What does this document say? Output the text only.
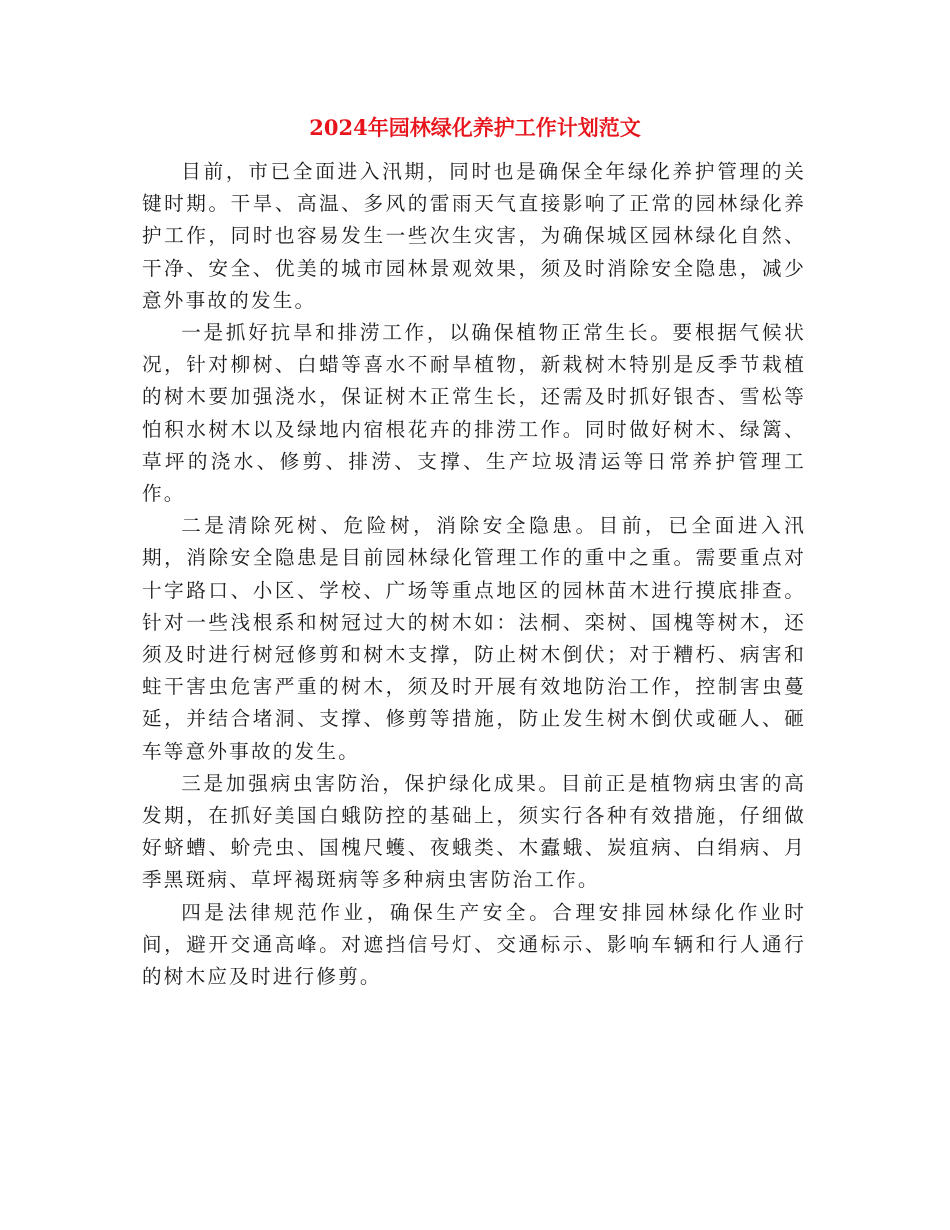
2024年园林绿化养护工作计划范文

目前，市已全面进入汛期，同时也是确保全年绿化养护管理的关键时期。干旱、高温、多风的雷雨天气直接影响了正常的园林绿化养护工作，同时也容易发生一些次生灾害，为确保城区园林绿化自然、干净、安全、优美的城市园林景观效果，须及时消除安全隐患，减少意外事故的发生。

一是抓好抗旱和排涝工作，以确保植物正常生长。要根据气候状况，针对柳树、白蜡等喜水不耐旱植物，新栽树木特别是反季节栽植的树木要加强浇水，保证树木正常生长，还需及时抓好银杏、雪松等怕积水树木以及绿地内宿根花卉的排涝工作。同时做好树木、绿篱、草坪的浇水、修剪、排涝、支撑、生产垃圾清运等日常养护管理工作。

二是清除死树、危险树，消除安全隐患。目前，已全面进入汛期，消除安全隐患是目前园林绿化管理工作的重中之重。需要重点对十字路口、小区、学校、广场等重点地区的园林苗木进行摸底排查。针对一些浅根系和树冠过大的树木如：法桐、栾树、国槐等树木，还须及时进行树冠修剪和树木支撑，防止树木倒伏；对于糟朽、病害和蛀干害虫危害严重的树木，须及时开展有效地防治工作，控制害虫蔓延，并结合堵洞、支撑、修剪等措施，防止发生树木倒伏或砸人、砸车等意外事故的发生。

三是加强病虫害防治，保护绿化成果。目前正是植物病虫害的高发期，在抓好美国白蛾防控的基础上，须实行各种有效措施，仔细做好蛴螬、蚧壳虫、国槐尺蠖、夜蛾类、木蠹蛾、炭疽病、白绢病、月季黑斑病、草坪褐斑病等多种病虫害防治工作。

四是法律规范作业，确保生产安全。合理安排园林绿化作业时间，避开交通高峰。对遮挡信号灯、交通标示、影响车辆和行人通行的树木应及时进行修剪。
